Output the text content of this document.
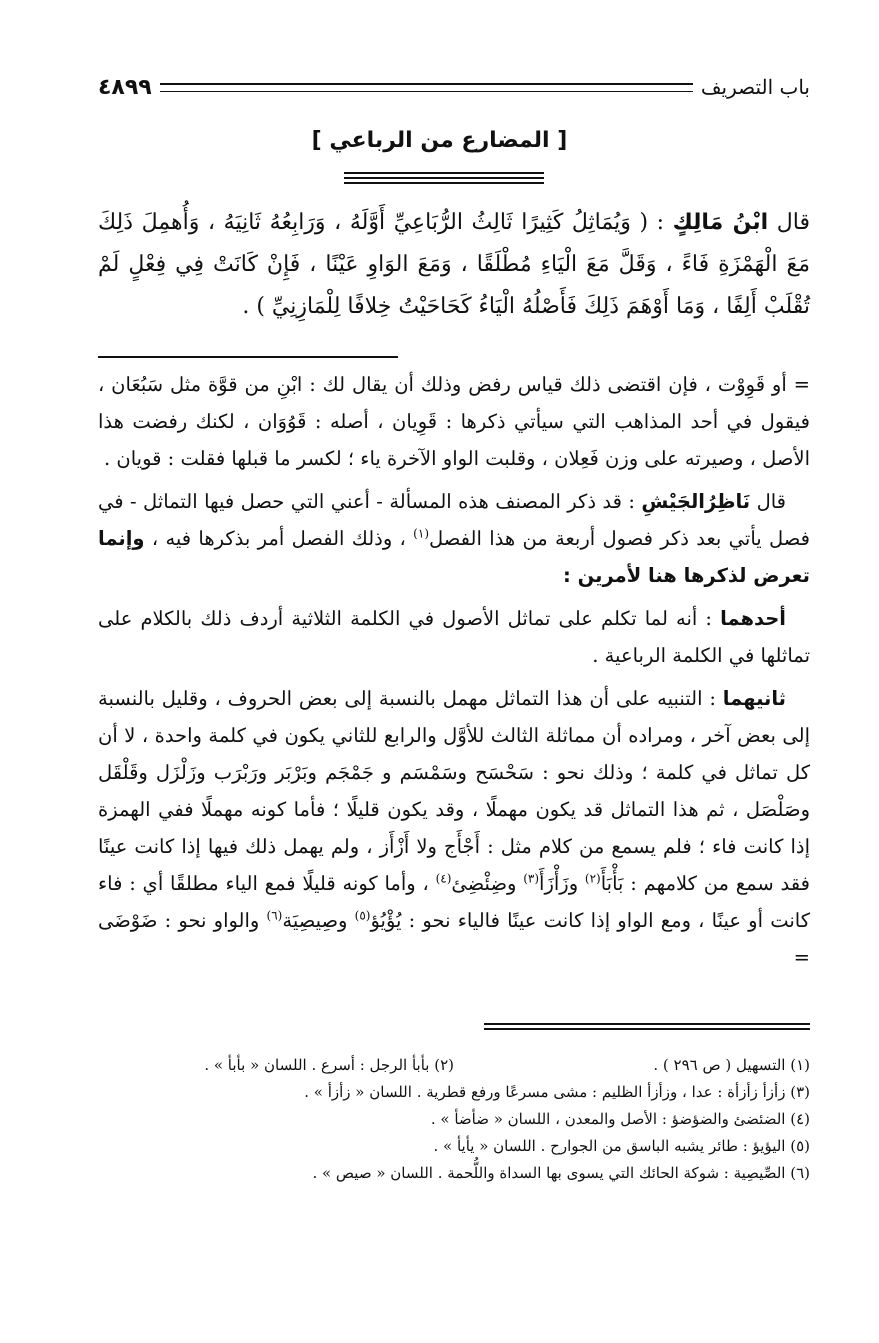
باب التصريف
٤٨٩٩
[ المضارع من الرباعي ]
قال ابْنُ مَالِكٍ : ( وَيُمَاثِلُ كَثِيرًا ثَالِثُ الرُّبَاعِيِّ أَوَّلَهُ ، وَرَابِعُهُ ثَانِيَهُ ، وَأُهمِلَ ذَلِكَ مَعَ الْهَمْزَةِ فَاءً ، وَقَلَّ مَعَ الْيَاءِ مُطْلَقًا ، وَمَعَ الوَاوِ عَيْنًا ، فَإِنْ كَانَتْ فِي فِعْلٍ لَمْ تُقْلَبْ أَلِفًا ، وَمَا أَوْهَمَ ذَلِكَ فَأَصْلُهُ الْيَاءُ كَحَاحَيْتُ خِلافًا لِلْمَازِنِيِّ ) .

= أو قَوِوْت ، فإن اقتضى ذلك قياس رفض وذلك أن يقال لك : ابْنِ من قوَّة مثل سَبُعَان ، فيقول في أحد المذاهب التي سيأتي ذكرها : قَوِيان ، أصله : قَوُوَان ، لكنك رفضت هذا الأصل ، وصيرته على وزن فَعِلان ، وقلبت الواو الآخرة ياء ؛ لكسر ما قبلها فقلت : قويان .

قال نَاظِرُالجَيْشِ : قد ذكر المصنف هذه المسألة - أعني التي حصل فيها التماثل - في فصل يأتي بعد ذكر فصول أربعة من هذا الفصل$^{(١)}$ ، وذلك الفصل أمر بذكرها فيه ، وإنما تعرض لذكرها هنا لأمرين :

أحدهما : أنه لما تكلم على تماثل الأصول في الكلمة الثلاثية أردف ذلك بالكلام على تماثلها في الكلمة الرباعية .

ثانيهما : التنبيه على أن هذا التماثل مهمل بالنسبة إلى بعض الحروف ، وقليل بالنسبة إلى بعض آخر ، ومراده أن مماثلة الثالث للأوَّل والرابع للثاني يكون في كلمة واحدة ، لا أن كل تماثل في كلمة ؛ وذلك نحو : سَحْسَح وسَمْسَم و جَمْجَم وبَرْبَر ورَبْرَب وزَلْزَل وقَلْقَل وصَلْصَل ، ثم هذا التماثل قد يكون مهملًا ، وقد يكون قليلًا ؛ فأما كونه مهملًا ففي الهمزة إذا كانت فاء ؛ فلم يسمع من كلام مثل : أَجْأَج ولا أَزْأَز ، ولم يهمل ذلك فيها إذا كانت عينًا فقد سمع من كلامهم : بَأْبَأَ$^{(٢)}$ وزَأْزَأَ$^{(٣)}$ وضِئْضِئ$^{(٤)}$ ، وأما كونه قليلًا فمع الياء مطلقًا أي : فاء كانت أو عينًا ، ومع الواو إذا كانت عينًا فالياء نحو : يُؤْيُؤ$^{(٥)}$ وصِيصِيَة$^{(٦)}$ والواو نحو : ضَوْضَى =

(١) التسهيل ( ص ٢٩٦ ) .
(٢) بأبأ الرجل : أسرع . اللسان « بأبأ » .
(٣) زأزأ زأزأة : عدا ، وزأزأ الظليم : مشى مسرعًا ورفع قطرية . اللسان « زأزأ » .
(٤) الضئضئ والضؤضؤ : الأصل والمعدن ، اللسان « ضأضأ » .
(٥) اليؤيؤ : طائر يشبه الباسق من الجوارح . اللسان « يأيأ » .
(٦) الصِّيصِية : شوكة الحائك التي يسوى بها السداة واللُّحمة . اللسان « صيص » .
